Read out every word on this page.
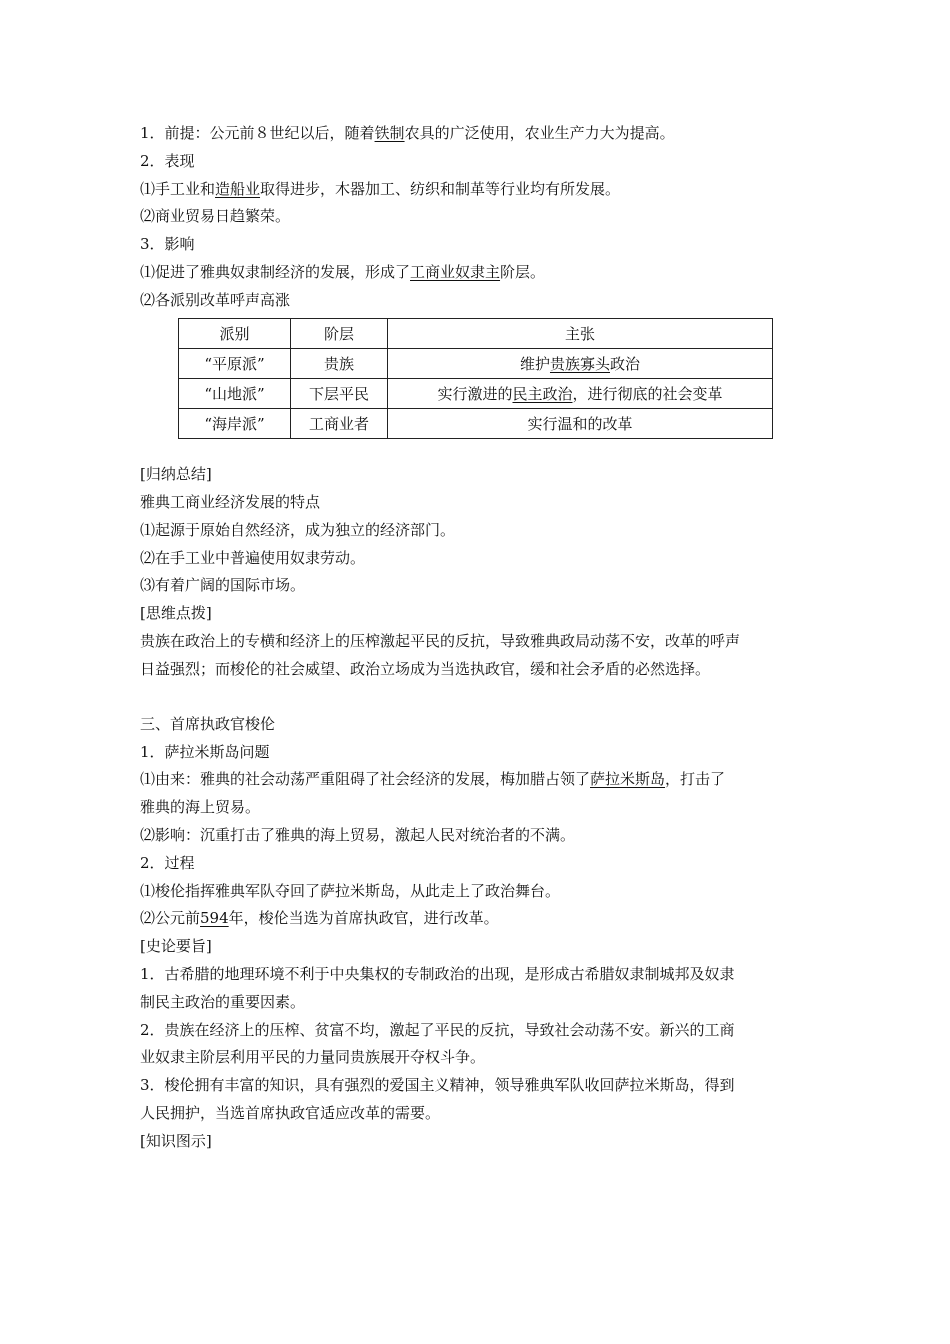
1．前提：公元前８世纪以后，随着铁制农具的广泛使用，农业生产力大为提高。
2．表现
⑴手工业和造船业取得进步，木器加工、纺织和制革等行业均有所发展。
⑵商业贸易日趋繁荣。
3．影响
⑴促进了雅典奴隶制经济的发展，形成了工商业奴隶主阶层。
⑵各派别改革呼声高涨
派别	阶层	主张
“平原派”	贵族	维护贵族寡头政治
“山地派”	下层平民	实行激进的民主政治，进行彻底的社会变革
“海岸派”	工商业者	实行温和的改革
[归纳总结]
雅典工商业经济发展的特点
⑴起源于原始自然经济，成为独立的经济部门。
⑵在手工业中普遍使用奴隶劳动。
⑶有着广阔的国际市场。
[思维点拨]
贵族在政治上的专横和经济上的压榨激起平民的反抗，导致雅典政局动荡不安，改革的呼声
日益强烈；而梭伦的社会威望、政治立场成为当选执政官，缓和社会矛盾的必然选择。
三、首席执政官梭伦
1．萨拉米斯岛问题
⑴由来：雅典的社会动荡严重阻碍了社会经济的发展，梅加腊占领了萨拉米斯岛，打击了
雅典的海上贸易。
⑵影响：沉重打击了雅典的海上贸易，激起人民对统治者的不满。
2．过程
⑴梭伦指挥雅典军队夺回了萨拉米斯岛，从此走上了政治舞台。
⑵公元前594年，梭伦当选为首席执政官，进行改革。
[史论要旨]
1．古希腊的地理环境不利于中央集权的专制政治的出现，是形成古希腊奴隶制城邦及奴隶
制民主政治的重要因素。
2．贵族在经济上的压榨、贫富不均，激起了平民的反抗，导致社会动荡不安。新兴的工商
业奴隶主阶层利用平民的力量同贵族展开夺权斗争。
3．梭伦拥有丰富的知识，具有强烈的爱国主义精神，领导雅典军队收回萨拉米斯岛，得到
人民拥护，当选首席执政官适应改革的需要。
[知识图示]
